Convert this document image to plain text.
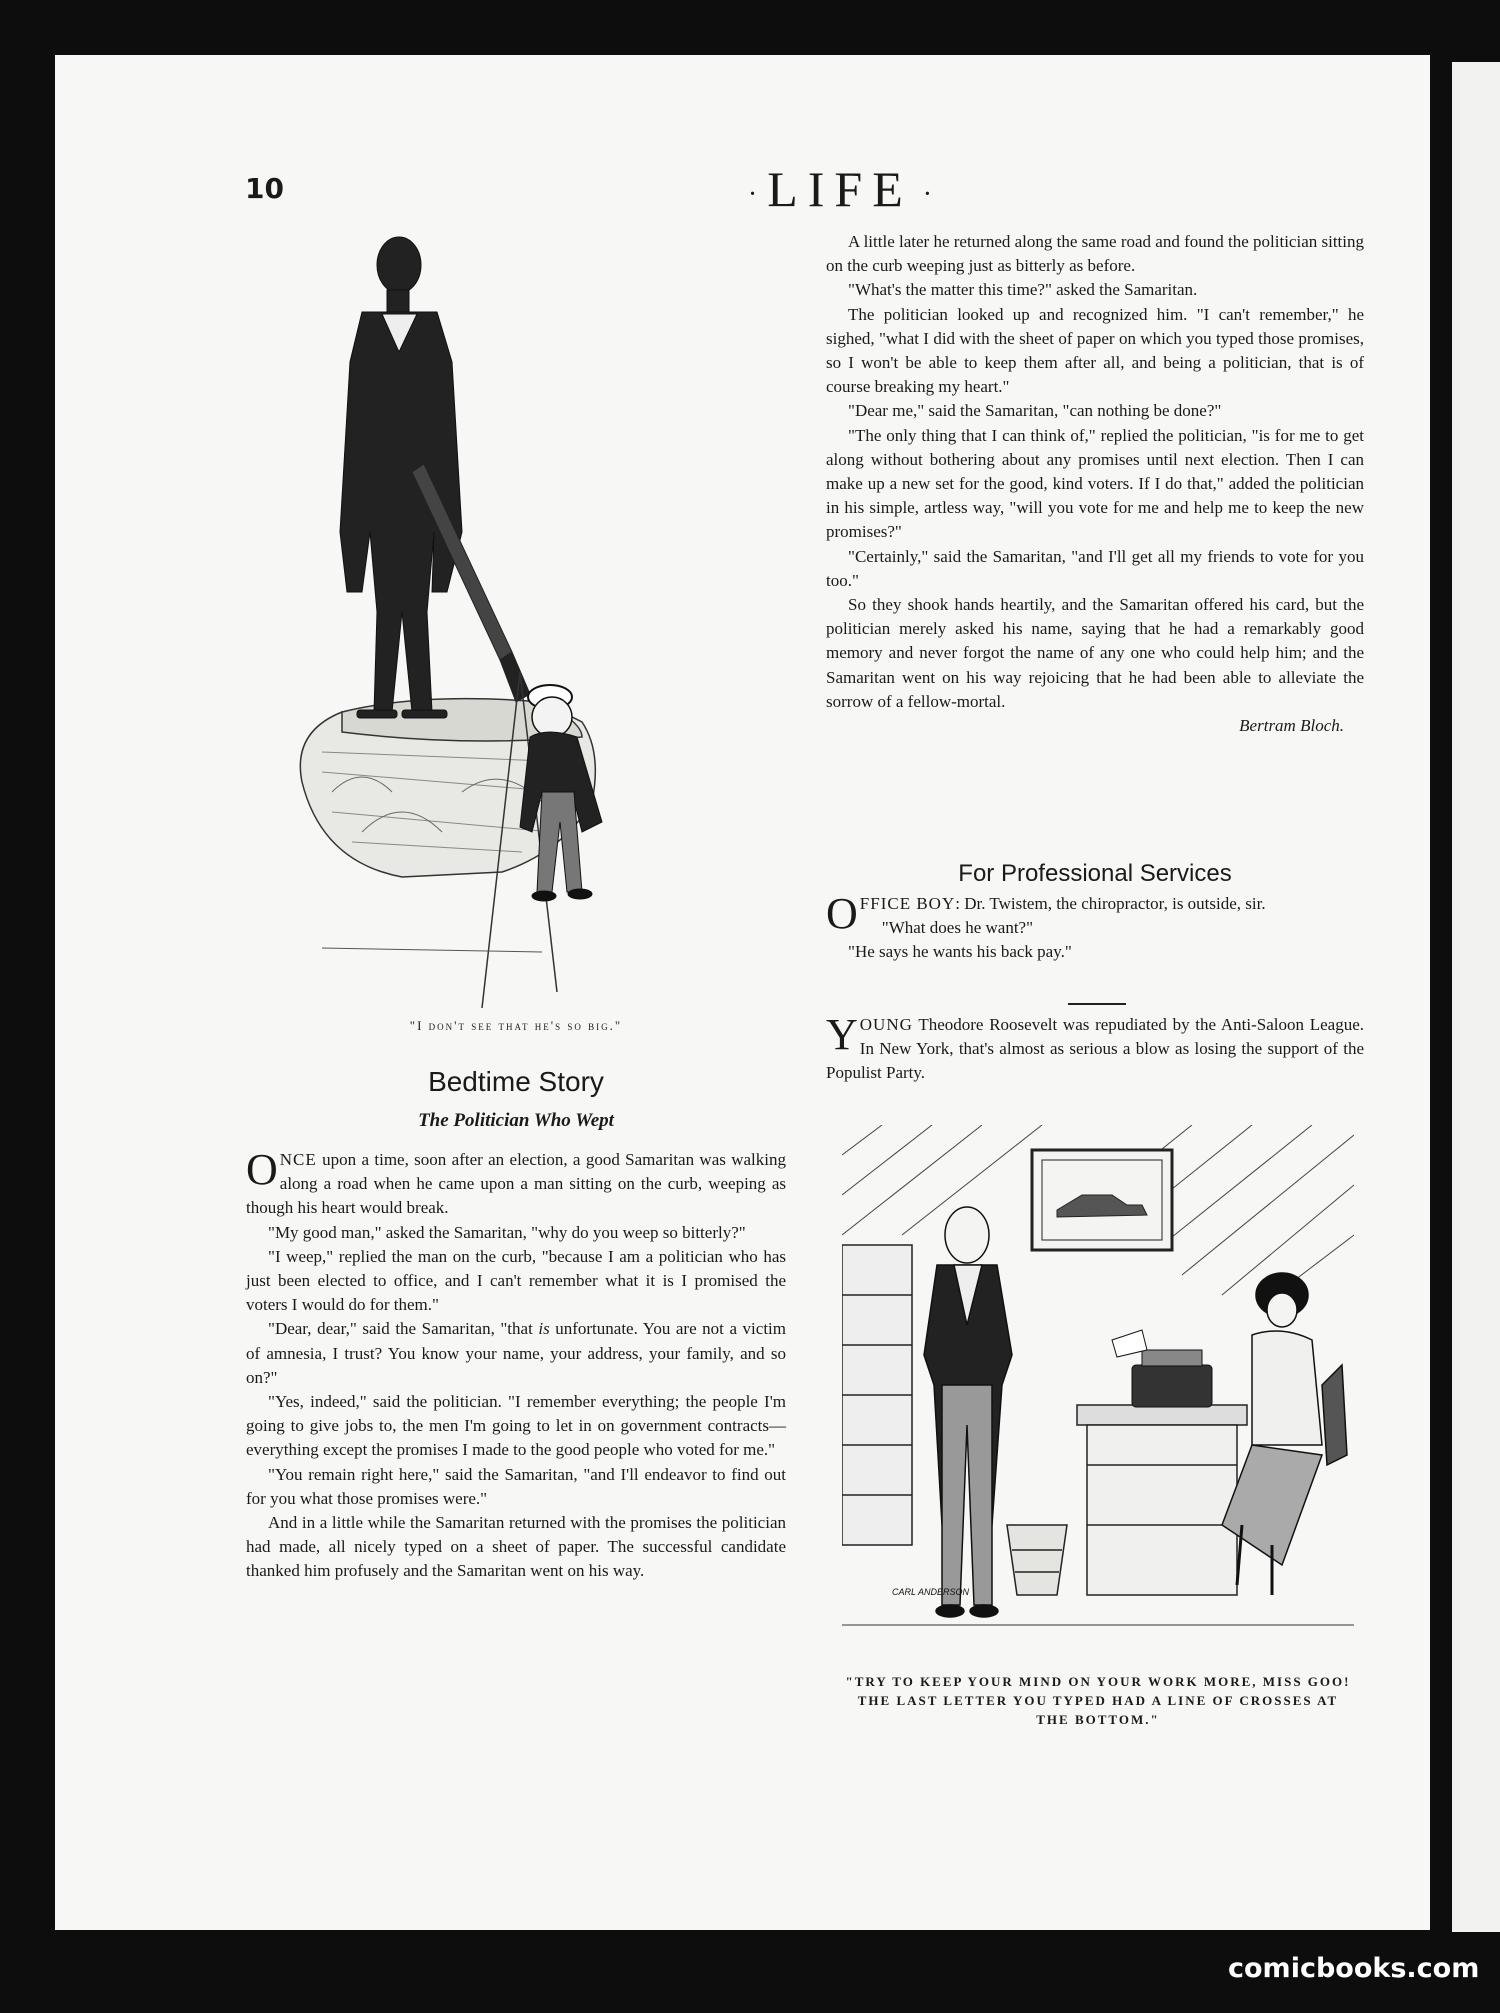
10	· LIFE ·
"I don't see that he's so big."
Bedtime Story
The Politician Who Wept

ONCE upon a time, soon after an election, a good Samaritan was walking along a road when he came upon a man sitting on the curb, weeping as though his heart would break.

"My good man," asked the Samaritan, "why do you weep so bitterly?"

"I weep," replied the man on the curb, "because I am a politician who has just been elected to office, and I can't remember what it is I promised the voters I would do for them."

"Dear, dear," said the Samaritan, "that is unfortunate. You are not a victim of amnesia, I trust? You know your name, your address, your family, and so on?"

"Yes, indeed," said the politician. "I remember everything; the people I'm going to give jobs to, the men I'm going to let in on government contracts—everything except the promises I made to the good people who voted for me."

"You remain right here," said the Samaritan, "and I'll endeavor to find out for you what those promises were."

And in a little while the Samaritan returned with the promises the politician had made, all nicely typed on a sheet of paper. The successful candidate thanked him profusely and the Samaritan went on his way.

A little later he returned along the same road and found the politician sitting on the curb weeping just as bitterly as before.

"What's the matter this time?" asked the Samaritan.

The politician looked up and recognized him. "I can't remember," he sighed, "what I did with the sheet of paper on which you typed those promises, so I won't be able to keep them after all, and being a politician, that is of course breaking my heart."

"Dear me," said the Samaritan, "can nothing be done?"

"The only thing that I can think of," replied the politician, "is for me to get along without bothering about any promises until next election. Then I can make up a new set for the good, kind voters. If I do that," added the politician in his simple, artless way, "will you vote for me and help me to keep the new promises?"

"Certainly," said the Samaritan, "and I'll get all my friends to vote for you too."

So they shook hands heartily, and the Samaritan offered his card, but the politician merely asked his name, saying that he had a remarkably good memory and never forgot the name of any one who could help him; and the Samaritan went on his way rejoicing that he had been able to alleviate the sorrow of a fellow-mortal.

Bertram Bloch.

For Professional Services

OFFICE BOY: Dr. Twistem, the chiropractor, is outside, sir.

"What does he want?"

"He says he wants his back pay."

YOUNG Theodore Roosevelt was repudiated by the Anti-Saloon League. In New York, that's almost as serious a blow as losing the support of the Populist Party.

CARL ANDERSON
"TRY TO KEEP YOUR MIND ON YOUR WORK MORE, MISS GOO! THE LAST LETTER YOU TYPED HAD A LINE OF CROSSES AT THE BOTTOM."
comicbooks.com
